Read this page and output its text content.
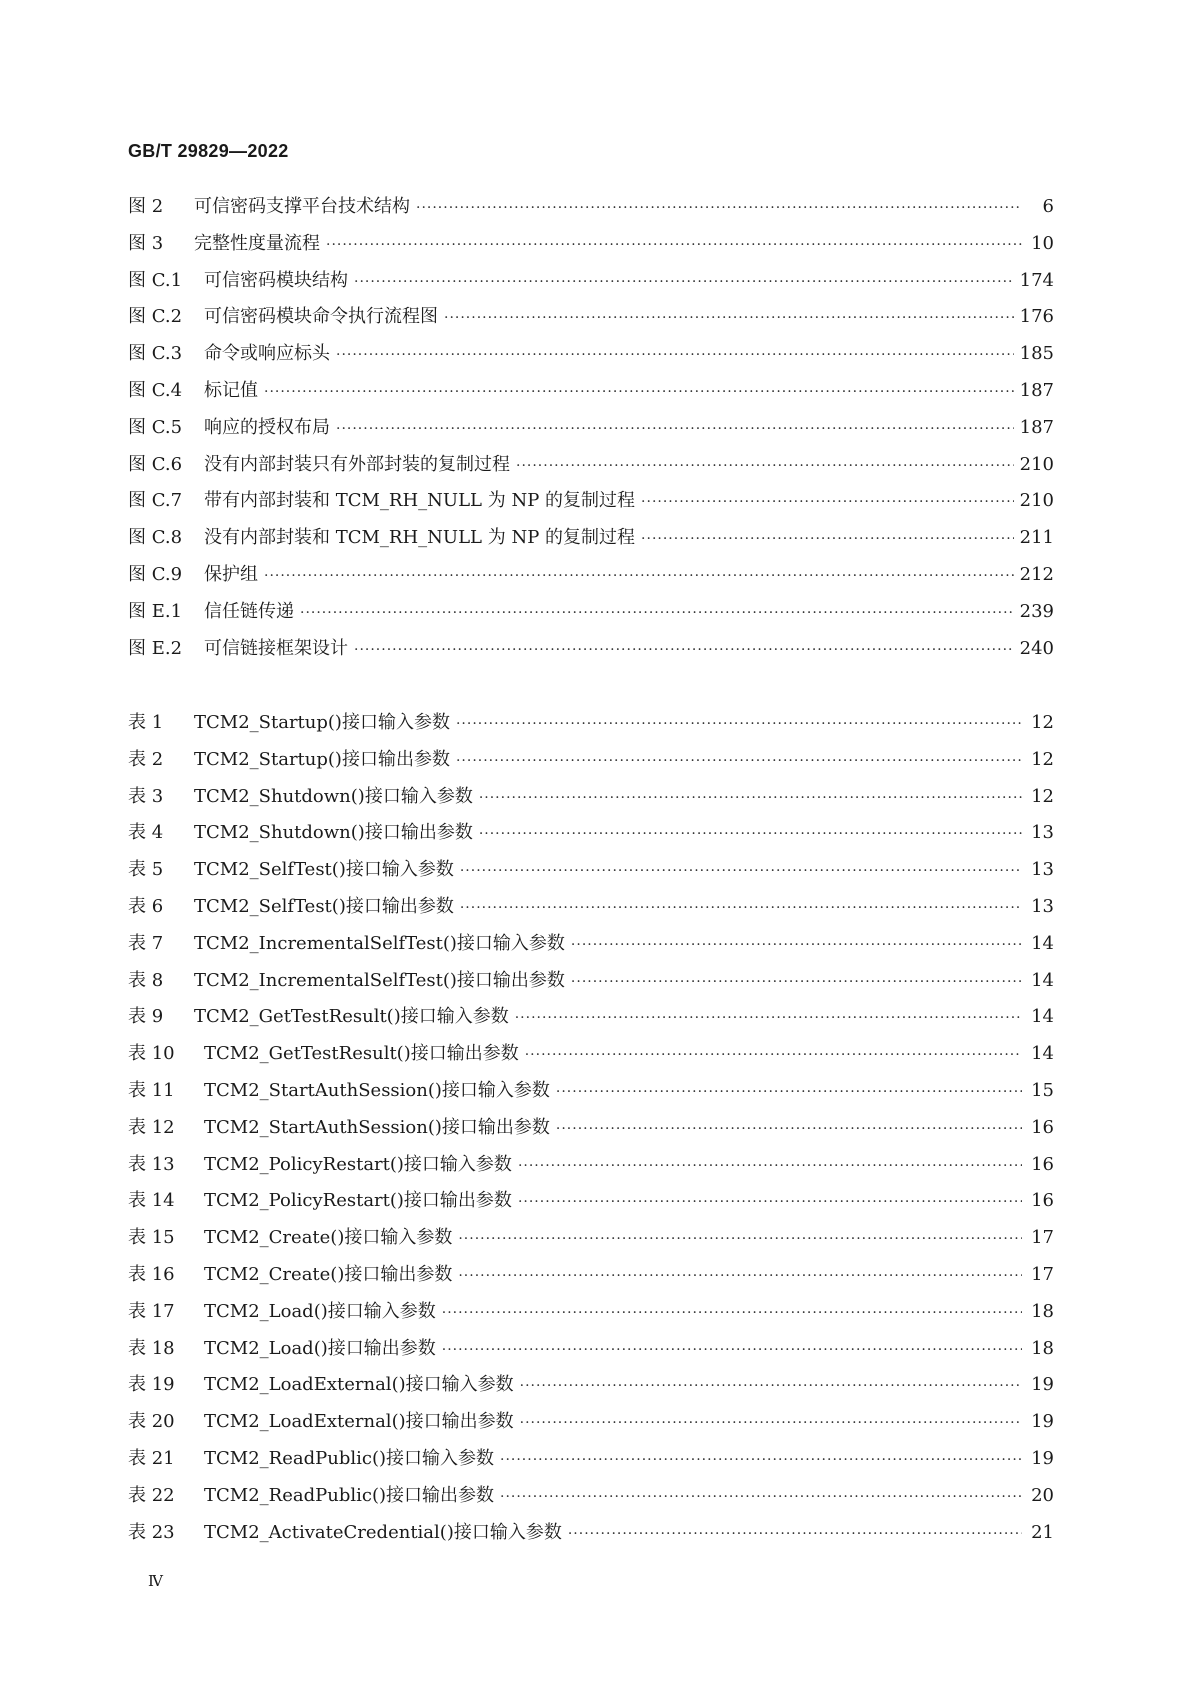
GB/T 29829—2022
图 2	可信密码支撑平台技术结构 ·····	6
图 3	完整性度量流程 ·····	10
图 C.1 可信密码模块结构 ·····	174
图 C.2 可信密码模块命令执行流程图 ·····	176
图 C.3 命令或响应标头 ·····	185
图 C.4 标记值 ·····	187
图 C.5 响应的授权布局 ·····	187
图 C.6 没有内部封装只有外部封装的复制过程 ·····	210
图 C.7 带有内部封装和 TCM_RH_NULL 为 NP 的复制过程 ·····	210
图 C.8 没有内部封装和 TCM_RH_NULL 为 NP 的复制过程 ·····	211
图 C.9 保护组 ·····	212
图 E.1 信任链传递 ·····	239
图 E.2 可信链接框架设计 ·····	240
表 1	TCM2_Startup()接口输入参数 ·····	12
表 2	TCM2_Startup()接口输出参数 ·····	12
表 3	TCM2_Shutdown()接口输入参数 ·····	12
表 4	TCM2_Shutdown()接口输出参数 ·····	13
表 5	TCM2_SelfTest()接口输入参数 ·····	13
表 6	TCM2_SelfTest()接口输出参数 ·····	13
表 7	TCM2_IncrementalSelfTest()接口输入参数 ·····	14
表 8	TCM2_IncrementalSelfTest()接口输出参数 ·····	14
表 9	TCM2_GetTestResult()接口输入参数 ·····	14
表 10	TCM2_GetTestResult()接口输出参数 ·····	14
表 11	TCM2_StartAuthSession()接口输入参数 ·····	15
表 12	TCM2_StartAuthSession()接口输出参数 ·····	16
表 13	TCM2_PolicyRestart()接口输入参数 ·····	16
表 14	TCM2_PolicyRestart()接口输出参数 ·····	16
表 15	TCM2_Create()接口输入参数 ·····	17
表 16	TCM2_Create()接口输出参数 ·····	17
表 17	TCM2_Load()接口输入参数 ·····	18
表 18	TCM2_Load()接口输出参数 ·····	18
表 19	TCM2_LoadExternal()接口输入参数 ·····	19
表 20	TCM2_LoadExternal()接口输出参数 ·····	19
表 21	TCM2_ReadPublic()接口输入参数 ·····	19
表 22	TCM2_ReadPublic()接口输出参数 ·····	20
表 23	TCM2_ActivateCredential()接口输入参数 ·····	21
Ⅳ
